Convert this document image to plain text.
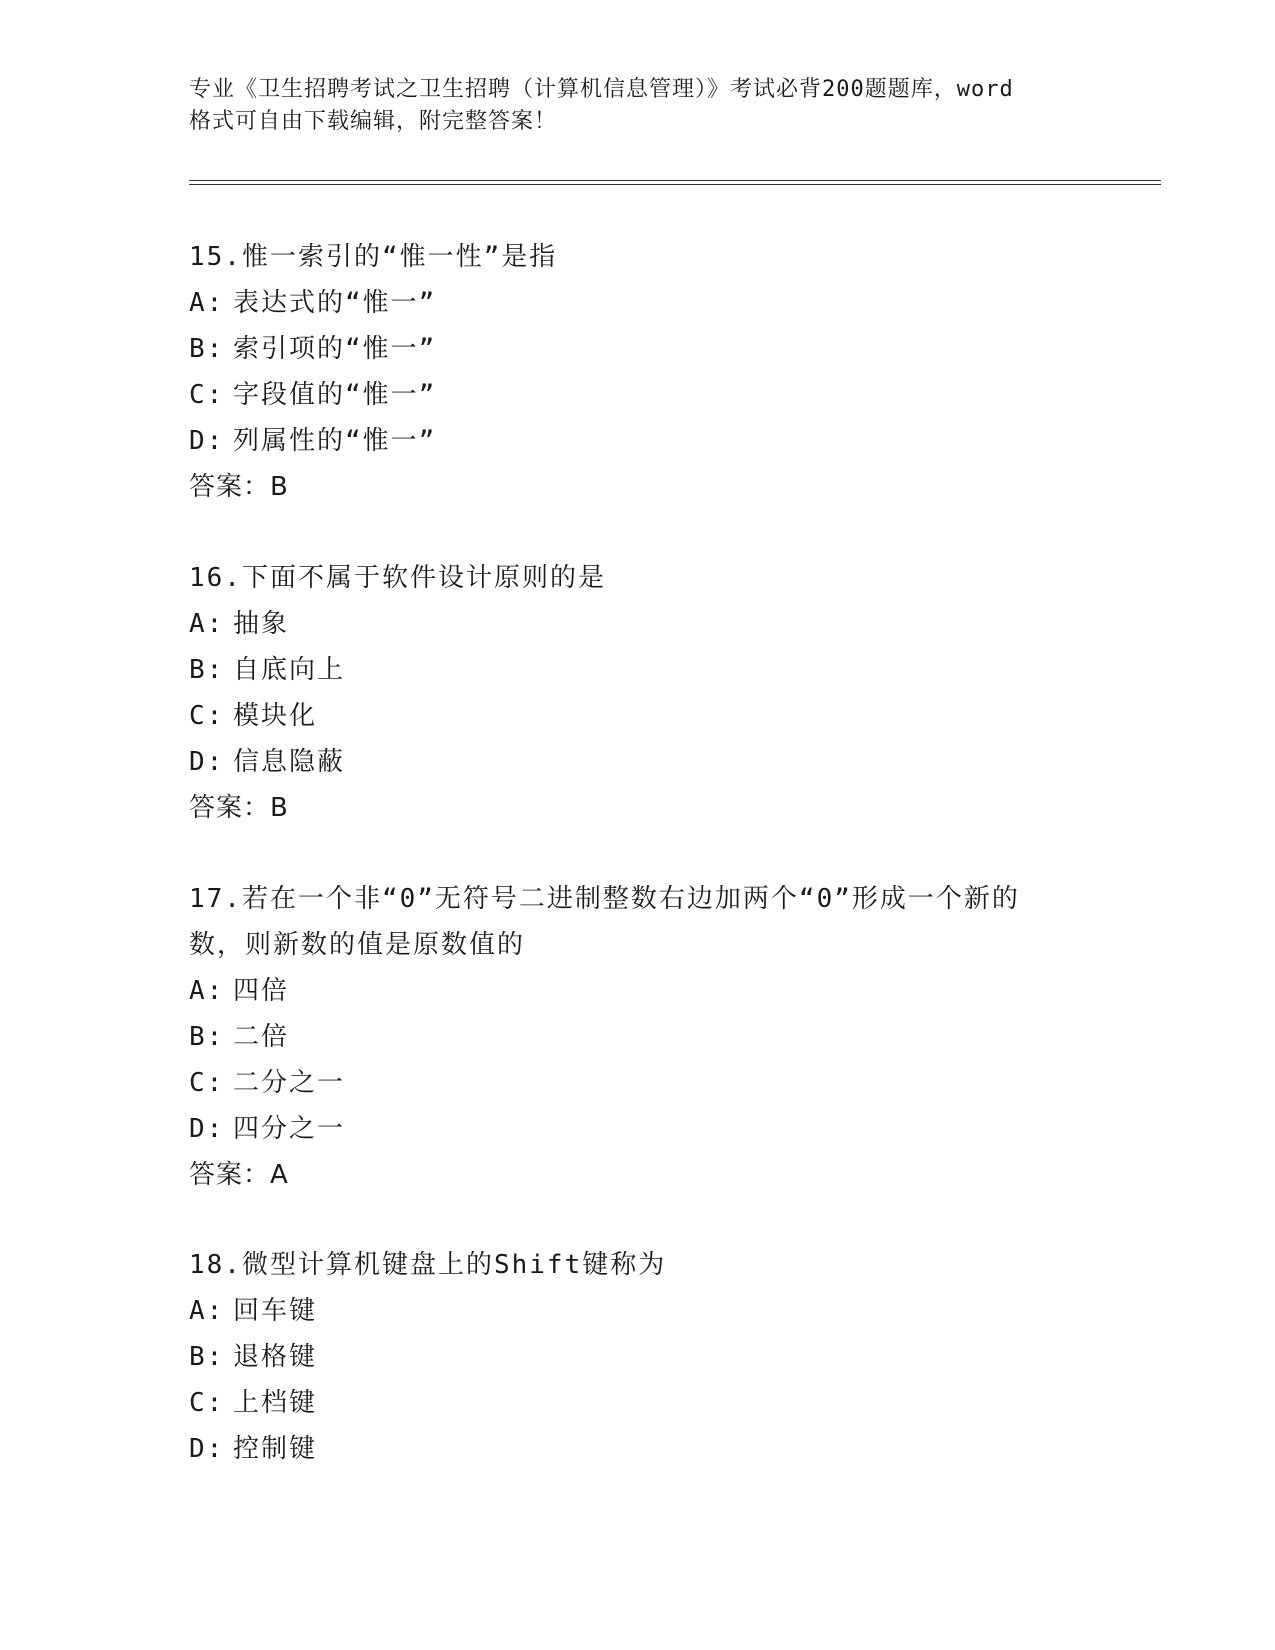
专业《卫生招聘考试之卫生招聘（计算机信息管理）》考试必背200题题库，word
格式可自由下载编辑，附完整答案！
15.惟一索引的“惟一性”是指
A: 表达式的“惟一”
B: 索引项的“惟一”
C: 字段值的“惟一”
D: 列属性的“惟一”
答案：B
16.下面不属于软件设计原则的是
A: 抽象
B: 自底向上
C: 模块化
D: 信息隐蔽
答案：B
17.若在一个非“0”无符号二进制整数右边加两个“0”形成一个新的
数，则新数的值是原数值的
A: 四倍
B: 二倍
C: 二分之一
D: 四分之一
答案：A
18.微型计算机键盘上的Shift键称为
A: 回车键
B: 退格键
C: 上档键
D: 控制键
